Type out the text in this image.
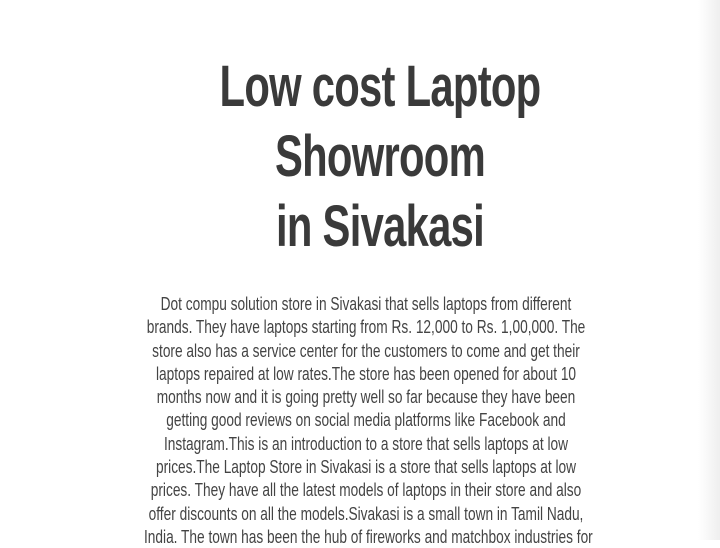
Low cost Laptop Showroom
in Sivakasi

Dot compu solution store in Sivakasi that sells laptops from different
brands. They have laptops starting from Rs. 12,000 to Rs. 1,00,000. The
store also has a service center for the customers to come and get their
laptops repaired at low rates.The store has been opened for about 10
months now and it is going pretty well so far because they have been
getting good reviews on social media platforms like Facebook and
Instagram.This is an introduction to a store that sells laptops at low
prices.The Laptop Store in Sivakasi is a store that sells laptops at low
prices. They have all the latest models of laptops in their store and also
offer discounts on all the models.Sivakasi is a small town in Tamil Nadu,
India. The town has been the hub of fireworks and matchbox industries for
